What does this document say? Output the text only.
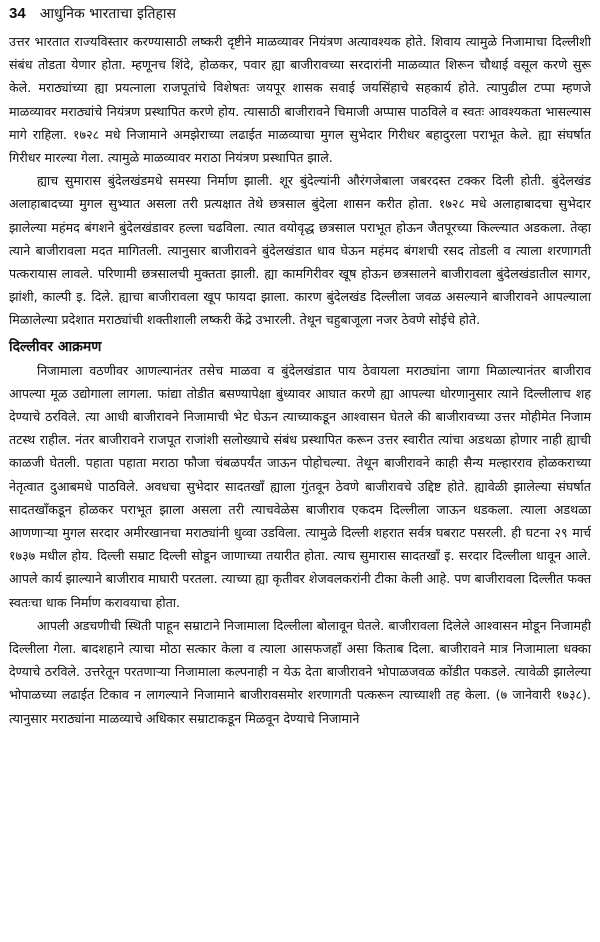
34 आधुनिक भारताचा इतिहास

उत्तर भारतात राज्यविस्तार करण्यासाठी लष्करी दृष्टीने माळव्यावर नियंत्रण अत्यावश्यक होते. शिवाय त्यामुळे निजामाचा दिल्लीशी संबंध तोडता येणार होता. म्हणूनच शिंदे, होळकर, पवार ह्या बाजीरावच्या सरदारांनी माळव्यात शिरून चौथाई वसूल करणे सुरू केले. मराठ्यांच्या ह्या प्रयत्नाला राजपूतांचे विशेषतः जयपूर शासक सवाई जयसिंहाचे सहकार्य होते. त्यापुढील टप्पा म्हणजे माळव्यावर मराठ्यांचे नियंत्रण प्रस्थापित करणे होय. त्यासाठी बाजीरावने चिमाजी अप्पास पाठविले व स्वतः आवश्यकता भासल्यास मागे राहिला. १७२८ मधे निजामाने अमझेराच्या लढाईत माळव्याचा मुगल सुभेदार गिरीधर बहादुरला पराभूत केले. ह्या संघर्षात गिरीधर मारल्या गेला. त्यामुळे माळव्यावर मराठा नियंत्रण प्रस्थापित झाले.

ह्याच सुमारास बुंदेलखंडमधे समस्या निर्माण झाली. शूर बुंदेल्यांनी औरंगजेबाला जबरदस्त टक्कर दिली होती. बुंदेलखंड अलाहाबादच्या मुगल सुभ्यात असला तरी प्रत्यक्षात तेथे छत्रसाल बुंदेला शासन करीत होता. १७२८ मधे अलाहाबादचा सुभेदार झालेल्या महंमद बंगशने बुंदेलखंडावर हल्ला चढविला. त्यात वयोवृद्ध छत्रसाल पराभूत होऊन जैतपूरच्या किल्ल्यात अडकला. तेव्हा त्याने बाजीरावला मदत मागितली. त्यानुसार बाजीरावने बुंदेलखंडात धाव घेऊन महंमद बंगशची रसद तोडली व त्याला शरणागती पत्करायास लावले. परिणामी छत्रसालची मुक्तता झाली. ह्या कामगिरीवर खूष होऊन छत्रसालने बाजीरावला बुंदेलखंडातील सागर, झांशी, काल्पी इ. दिले. ह्याचा बाजीरावला खूप फायदा झाला. कारण बुंदेलखंड दिल्लीला जवळ असल्याने बाजीरावने आपल्याला मिळालेल्या प्रदेशात मराठ्यांची शक्तीशाली लष्करी केंद्रे उभारली. तेथून चहुबाजूला नजर ठेवणे सोईचे होते.

दिल्लीवर आक्रमण

निजामाला वठणीवर आणल्यानंतर तसेच माळवा व बुंदेलखंडात पाय ठेवायला मराठ्यांना जागा मिळाल्यानंतर बाजीराव आपल्या मूळ उद्योगाला लागला. फांद्या तोडीत बसण्यापेक्षा बुंध्यावर आघात करणे ह्या आपल्या धोरणानुसार त्याने दिल्लीलाच शह देण्याचे ठरविले. त्या आधी बाजीरावने निजामाची भेट घेऊन त्याच्याकडून आश्वासन घेतले की बाजीरावच्या उत्तर मोहीमेत निजाम तटस्थ राहील. नंतर बाजीरावने राजपूत राजांशी सलोख्याचे संबंध प्रस्थापित करून उत्तर स्वारीत त्यांचा अडथळा होणार नाही ह्याची काळजी घेतली. पहाता पहाता मराठा फौजा चंबळपर्यंत जाऊन पोहोचल्या. तेथून बाजीरावने काही सैन्य मल्हारराव होळकराच्या नेतृत्वात दुआबमधे पाठविले. अवधचा सुभेदार सादतखाँ ह्याला गुंतवून ठेवणे बाजीरावचे उद्दिष्ट होते. ह्यावेळी झालेल्या संघर्षात सादतखाँकडून होळकर पराभूत झाला असला तरी त्याचवेळेस बाजीराव एकदम दिल्लीला जाऊन धडकला. त्याला अडथळा आणणाऱ्या मुगल सरदार अमीरखानचा मराठ्यांनी धुव्वा उडविला. त्यामुळे दिल्ली शहरात सर्वत्र घबराट पसरली. ही घटना २९ मार्च १७३७ मधील होय. दिल्ली सम्राट दिल्ली सोडून जाणाच्या तयारीत होता. त्याच सुमारास सादतखाँ इ. सरदार दिल्लीला धावून आले. आपले कार्य झाल्याने बाजीराव माघारी परतला. त्याच्या ह्या कृतीवर शेजवलकरांनी टीका केली आहे. पण बाजीरावला दिल्लीत फक्त स्वतःचा धाक निर्माण करावयाचा होता.

आपली अडचणीची स्थिती पाहून सम्राटाने निजामाला दिल्लीला बोलावून घेतले. बाजीरावला दिलेले आश्वासन मोडून निजामही दिल्लीला गेला. बादशहाने त्याचा मोठा सत्कार केला व त्याला आसफजहाँ असा किताब दिला. बाजीरावने मात्र निजामाला धक्का देण्याचे ठरविले. उत्तरेतून परतणाऱ्या निजामाला कल्पनाही न येऊ देता बाजीरावने भोपाळजवळ कोंडीत पकडले. त्यावेळी झालेल्या भोपाळच्या लढाईत टिकाव न लागल्याने निजामाने बाजीरावसमोर शरणागती पत्करून त्याच्याशी तह केला. (७ जानेवारी १७३८). त्यानुसार मराठ्यांना माळव्याचे अधिकार सम्राटाकडून मिळवून देण्याचे निजामाने
